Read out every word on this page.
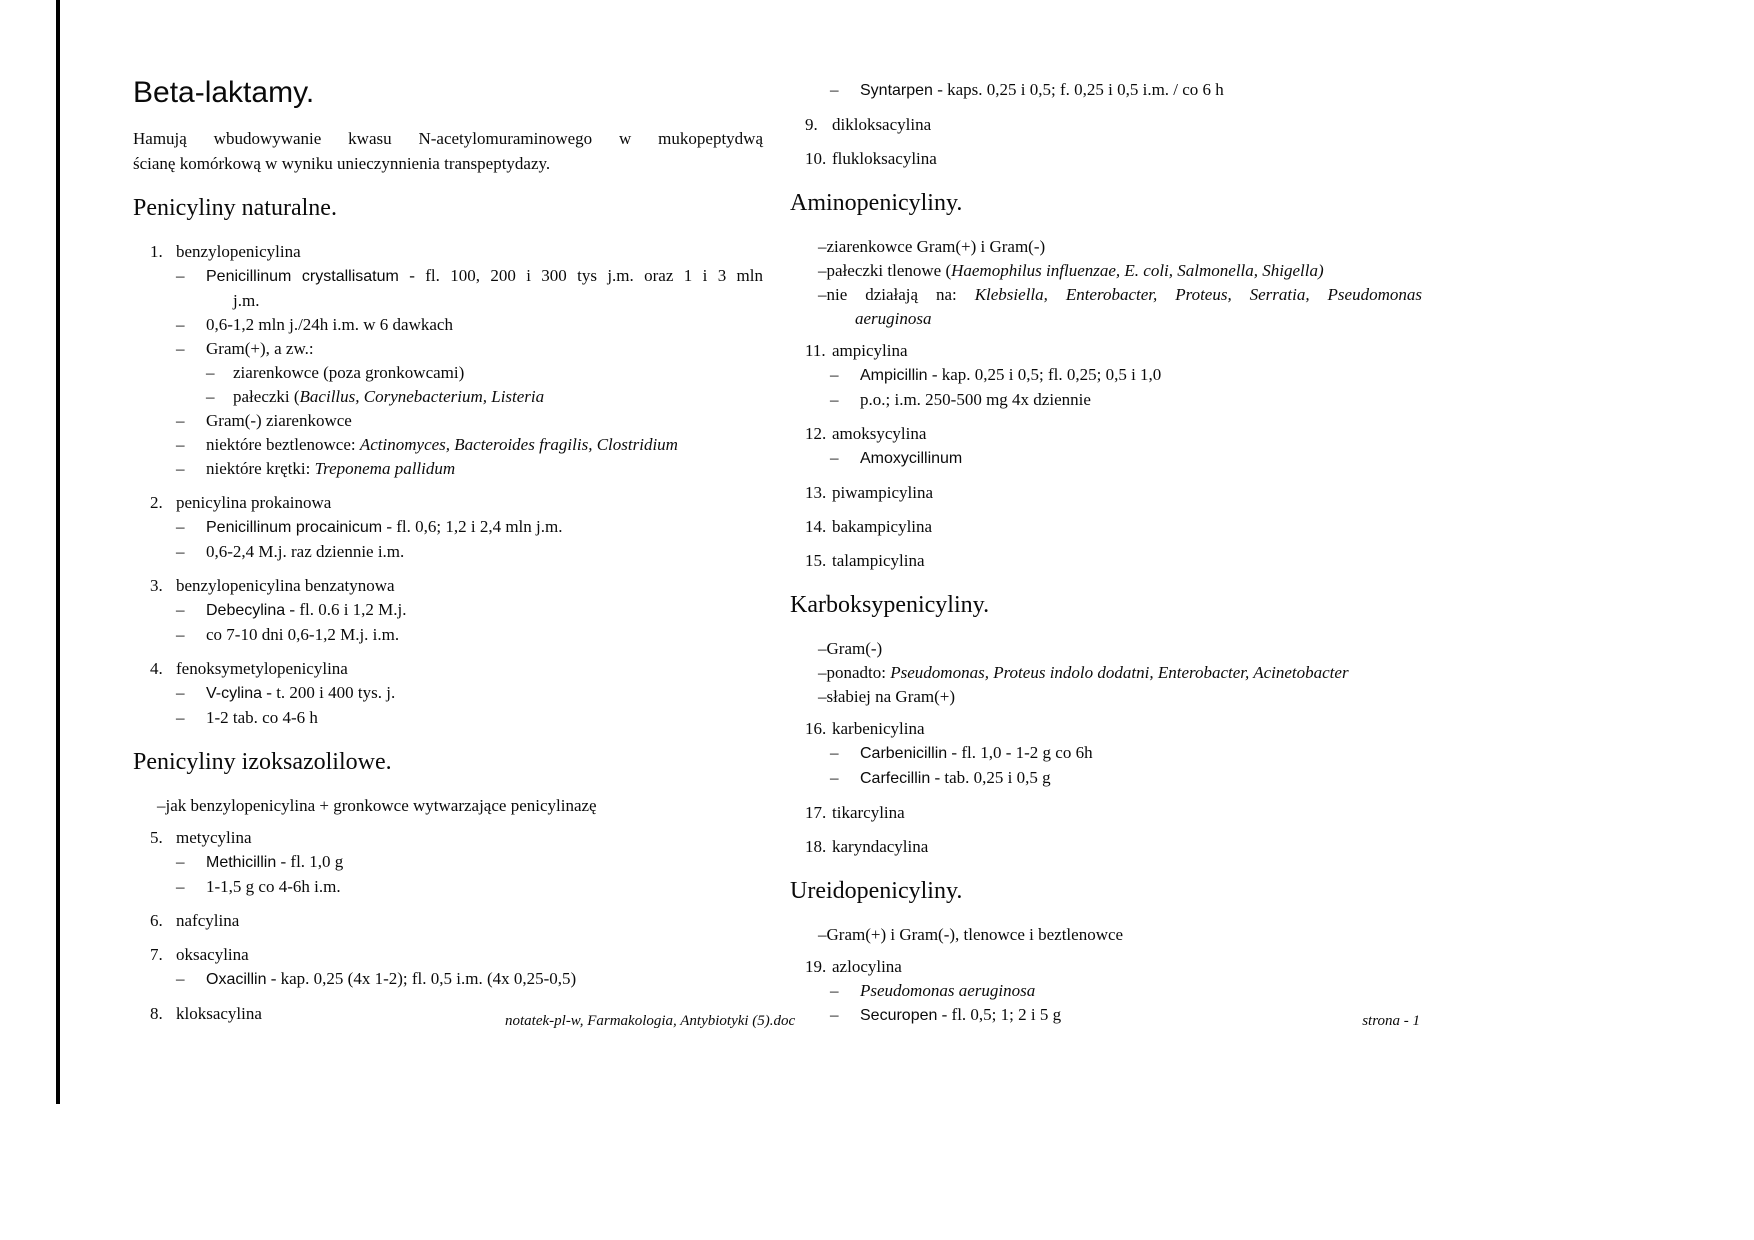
Beta-laktamy.
Hamują wbudowywanie kwasu N-acetylomuraminowego w mukopeptydwą
ścianę komórkową w wyniku unieczynnienia transpeptydazy.
Penicyliny naturalne.
1. benzylopenicylina
–	Penicillinum crystallisatum - fl. 100, 200 i 300 tys j.m. oraz 1 i 3 mln
j.m.
–	0,6-1,2 mln j./24h i.m. w 6 dawkach
–	Gram(+), a zw.:
–	ziarenkowce (poza gronkowcami)
–	pałeczki (Bacillus, Corynebacterium, Listeria
–	Gram(-) ziarenkowce
–	niektóre beztlenowce: Actinomyces, Bacteroides fragilis, Clostridium
–	niektóre krętki: Treponema pallidum
2. penicylina prokainowa
–	Penicillinum procainicum - fl. 0,6; 1,2 i 2,4 mln j.m.
–	0,6-2,4 M.j. raz dziennie i.m.
3. benzylopenicylina benzatynowa
–	Debecylina - fl. 0.6 i 1,2 M.j.
–	co 7-10 dni 0,6-1,2 M.j. i.m.
4. fenoksymetylopenicylina
–	V-cylina - t. 200 i 400 tys. j.
–	1-2 tab. co 4-6 h
Penicyliny izoksazolilowe.
–jak benzylopenicylina + gronkowce wytwarzające penicylinazę
5. metycylina
–	Methicillin - fl. 1,0 g
–	1-1,5 g co 4-6h i.m.
6. nafcylina
7. oksacylina
–	Oxacillin - kap. 0,25 (4x 1-2); fl. 0,5 i.m. (4x 0,25-0,5)
8. kloksacylina
–	Syntarpen - kaps. 0,25 i 0,5; f. 0,25 i 0,5 i.m. / co 6 h
9. dikloksacylina
10. flukloksacylina
Aminopenicyliny.
–ziarenkowce Gram(+) i Gram(-)
–pałeczki tlenowe (Haemophilus influenzae, E. coli, Salmonella, Shigella)
–nie działają na: Klebsiella, Enterobacter, Proteus, Serratia, Pseudomonas
aeruginosa
11. ampicylina
–	Ampicillin - kap. 0,25 i 0,5; fl. 0,25; 0,5 i 1,0
–	p.o.; i.m. 250-500 mg 4x dziennie
12. amoksycylina
–	Amoxycillinum
13. piwampicylina
14. bakampicylina
15. talampicylina
Karboksypenicyliny.
–Gram(-)
–ponadto: Pseudomonas, Proteus indolo dodatni, Enterobacter, Acinetobacter
–słabiej na Gram(+)
16. karbenicylina
–	Carbenicillin - fl. 1,0 - 1-2 g co 6h
–	Carfecillin - tab. 0,25 i 0,5 g
17. tikarcylina
18. karyndacylina
Ureidopenicyliny.
–Gram(+) i Gram(-), tlenowce i beztlenowce
19. azlocylina
–	Pseudomonas aeruginosa
–	Securopen - fl. 0,5; 1; 2 i 5 g
notatek-pl-w, Farmakologia, Antybiotyki (5).doc	strona - 1
